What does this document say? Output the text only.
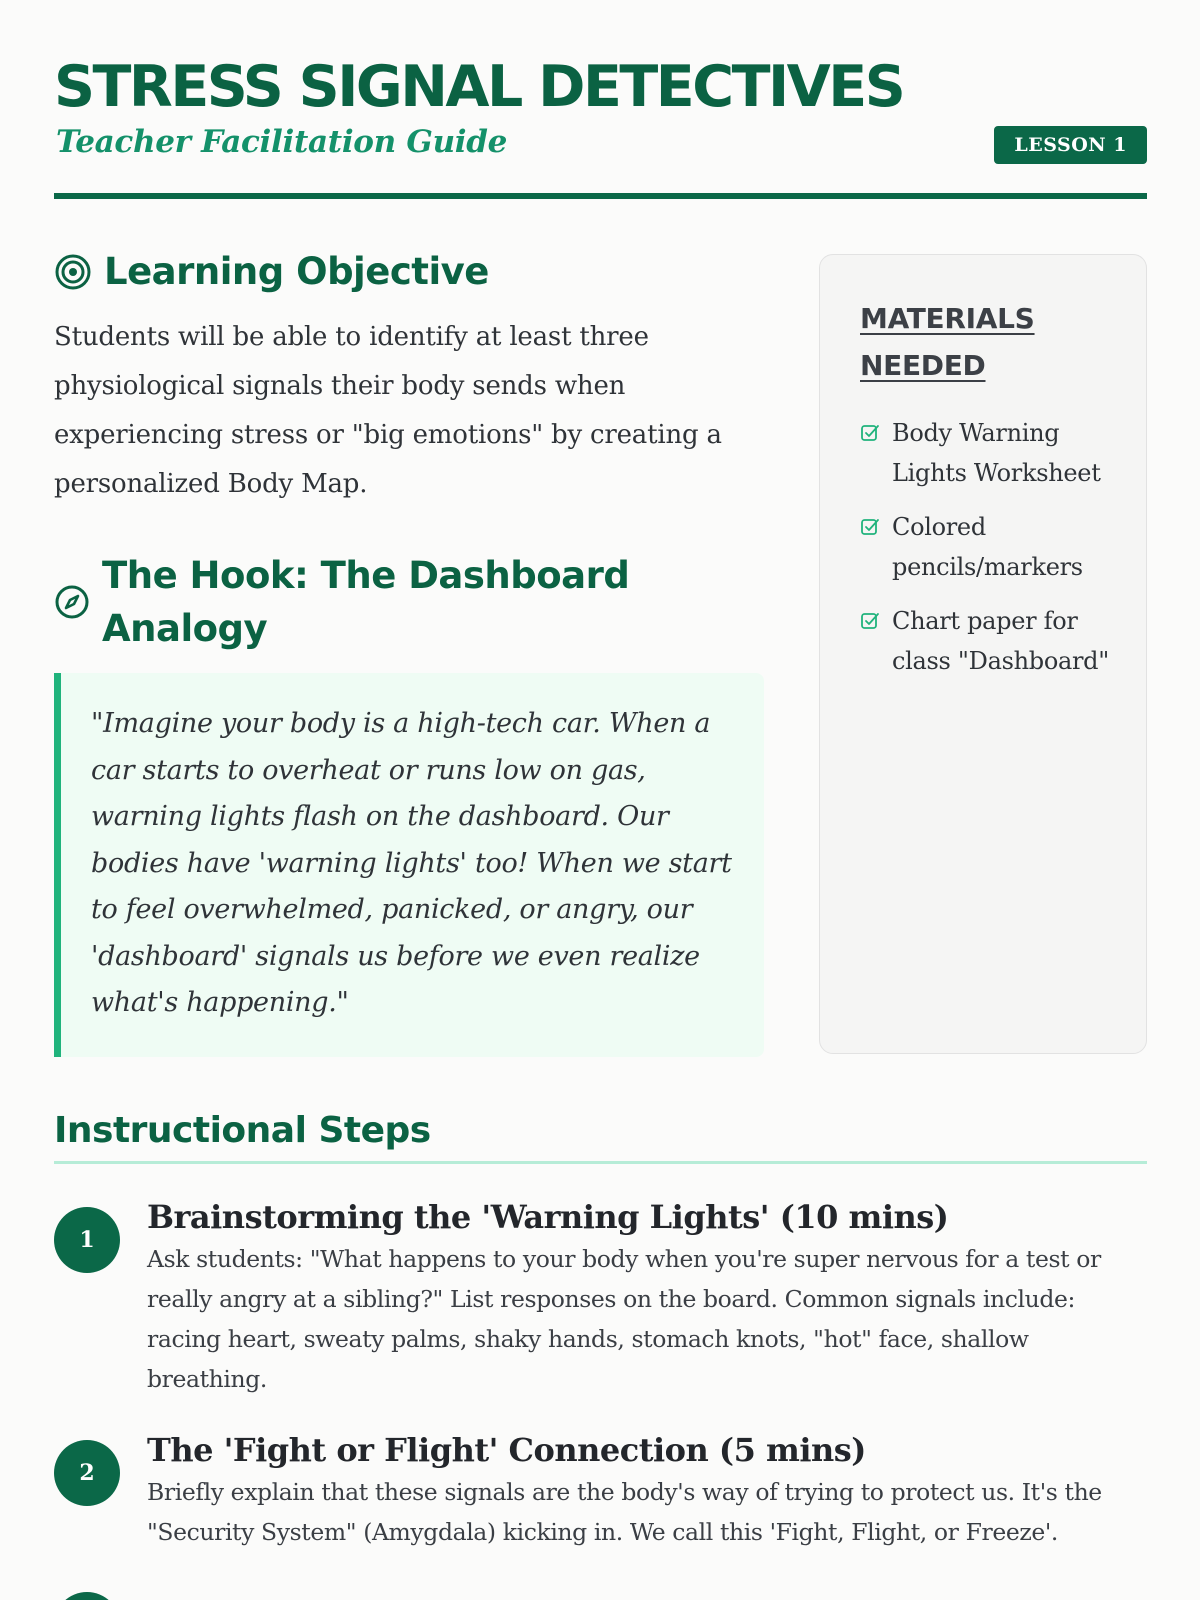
STRESS SIGNAL DETECTIVES
Teacher Facilitation Guide	LESSON 1
Learning Objective

Students will be able to identify at least three physiological signals their body sends when experiencing stress or "big emotions" by creating a personalized Body Map.

The Hook: The Dashboard Analogy
"Imagine your body is a high-tech car. When a car starts to overheat or runs low on gas, warning lights flash on the dashboard. Our bodies have 'warning lights' too! When we start to feel overwhelmed, panicked, or angry, our 'dashboard' signals us before we even realize what's happening."
MATERIALS NEEDED
Body Warning Lights Worksheet
Colored pencils/markers
Chart paper for class "Dashboard"
Instructional Steps
1
Brainstorming the 'Warning Lights' (10 mins)
Ask students: "What happens to your body when you're super nervous for a test or really angry at a sibling?" List responses on the board. Common signals include: racing heart, sweaty palms, shaky hands, stomach knots, "hot" face, shallow breathing.
2
The 'Fight or Flight' Connection (5 mins)
Briefly explain that these signals are the body's way of trying to protect us. It's the "Security System" (Amygdala) kicking in. We call this 'Fight, Flight, or Freeze'.
